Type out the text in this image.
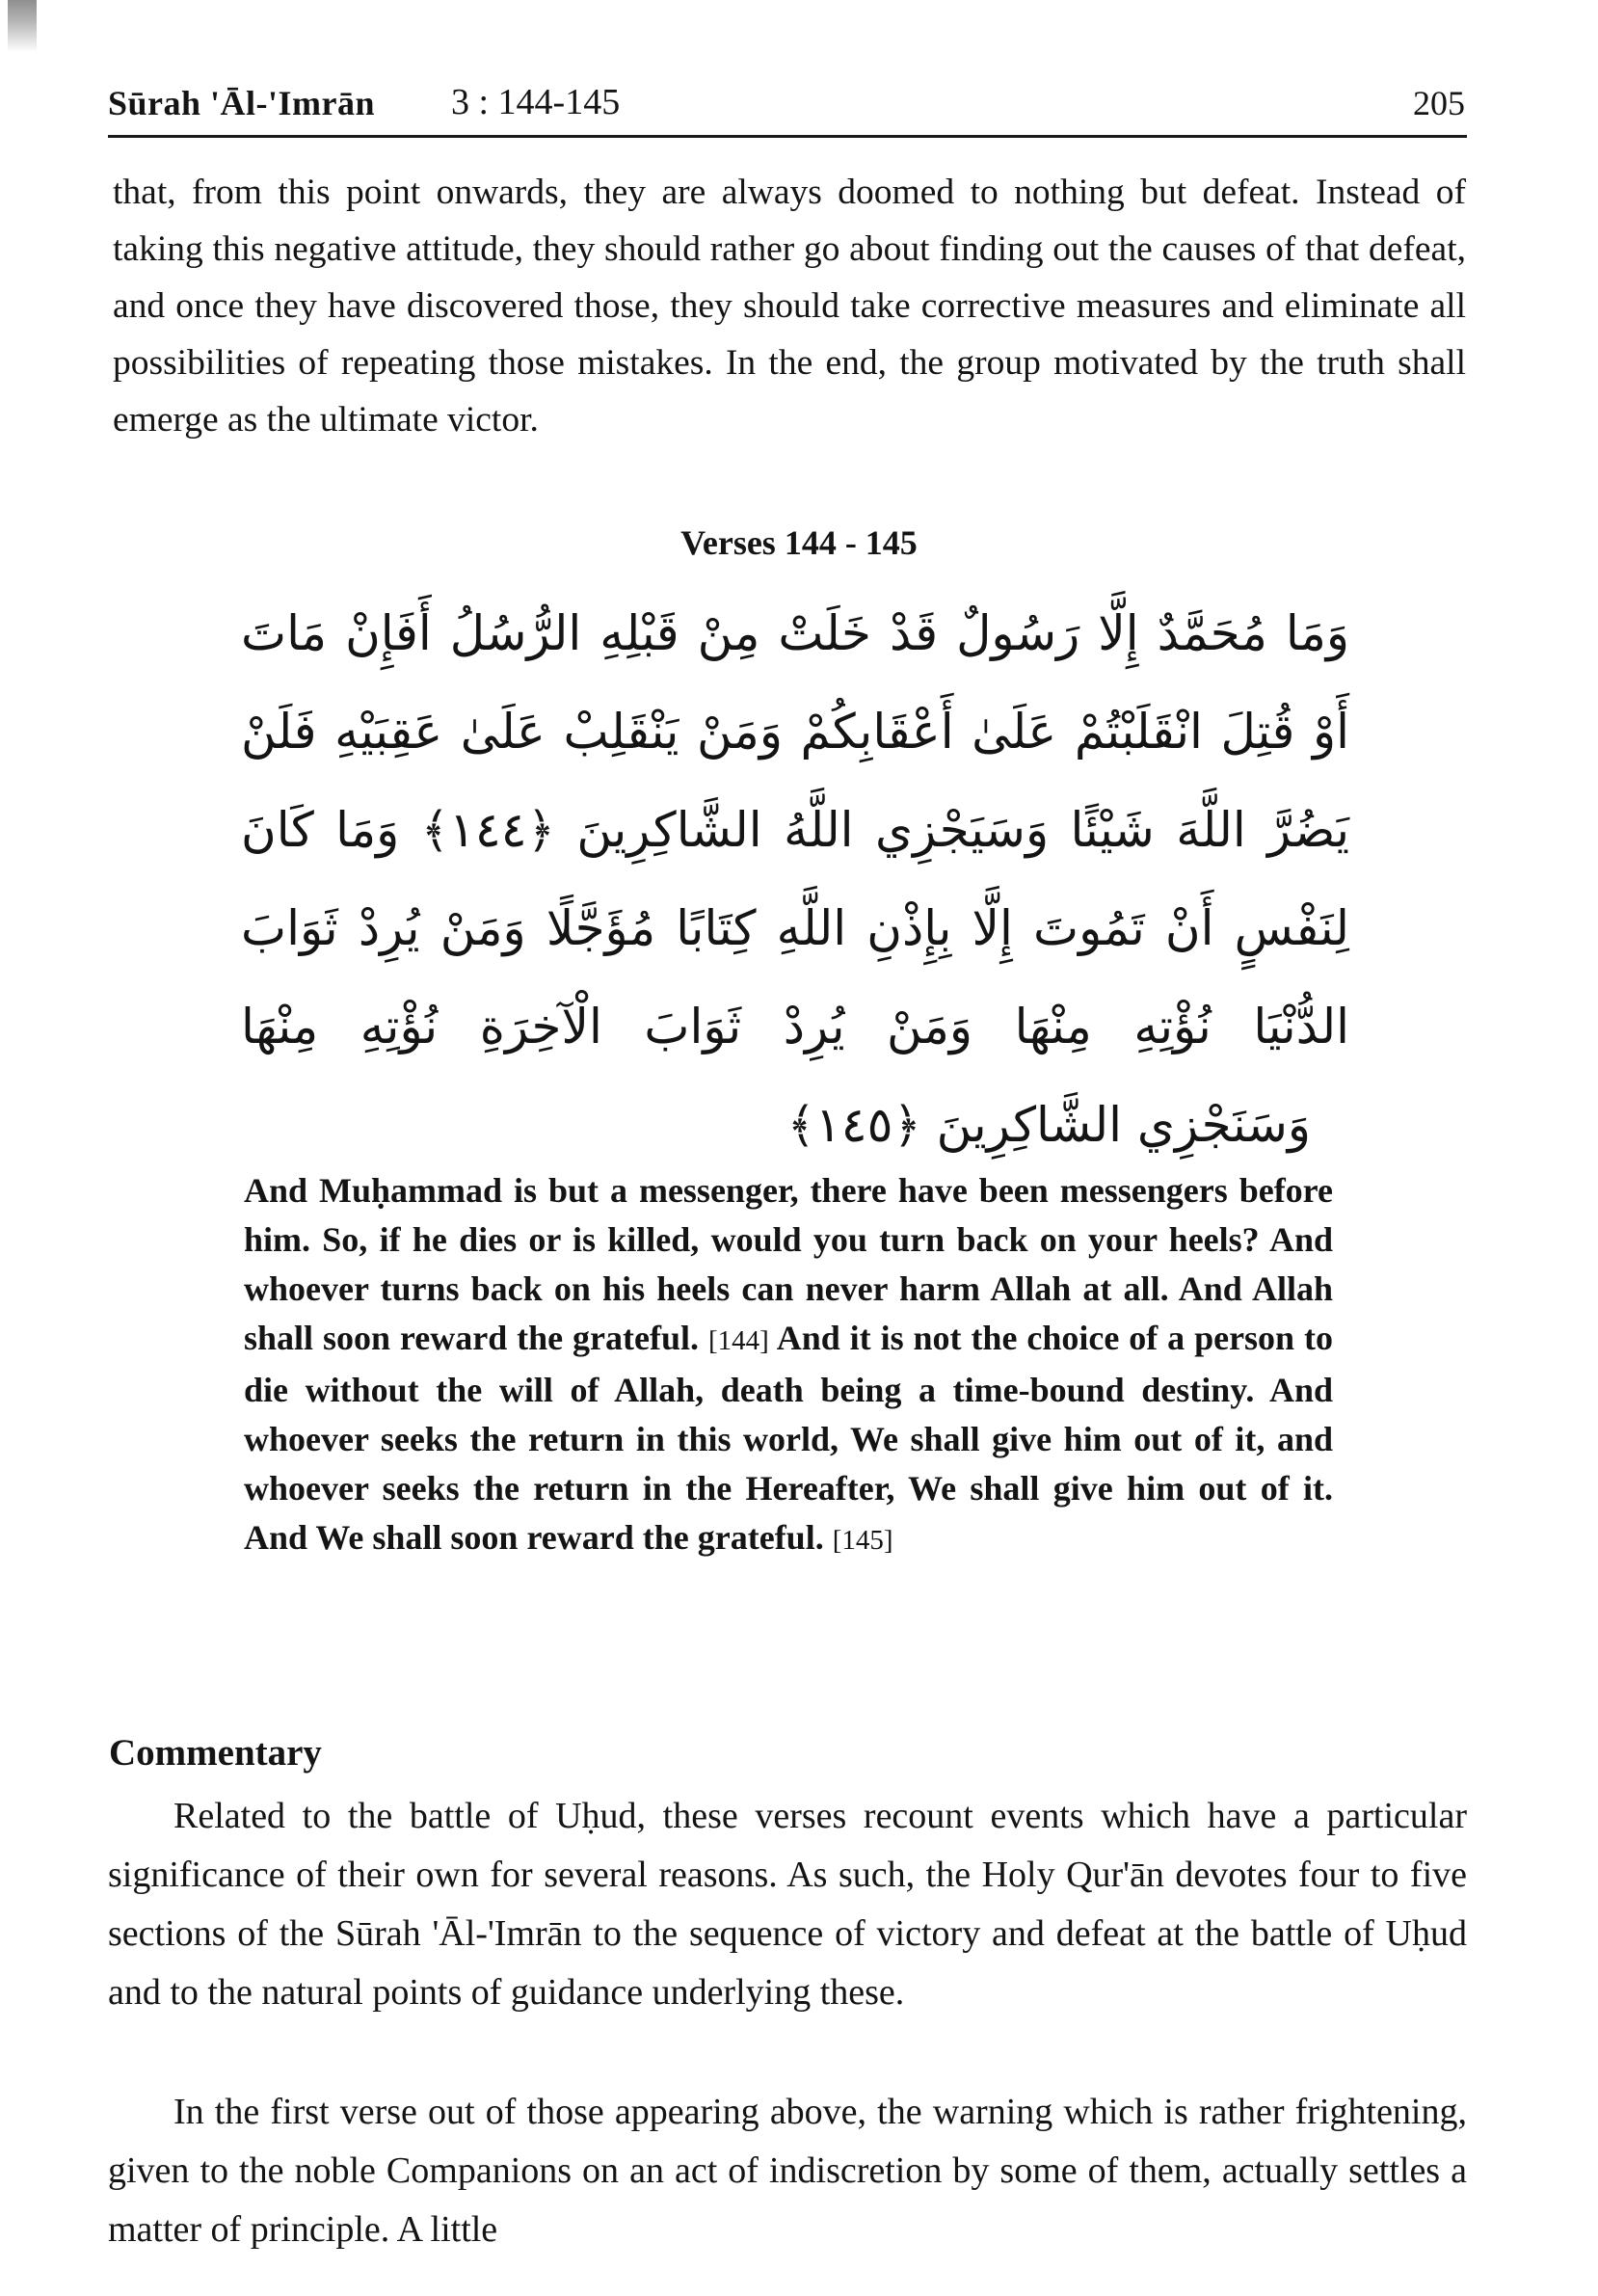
Sūrah 'Āl-'Imrān 3 : 144-145	205

that, from this point onwards, they are always doomed to nothing but defeat. Instead of taking this negative attitude, they should rather go about finding out the causes of that defeat, and once they have discovered those, they should take corrective measures and eliminate all possibilities of repeating those mistakes. In the end, the group motivated by the truth shall emerge as the ultimate victor.

Verses 144 - 145
وَمَا مُحَمَّدٌ إِلَّا رَسُولٌ قَدْ خَلَتْ مِنْ قَبْلِهِ الرُّسُلُ أَفَإِنْ مَاتَ
أَوْ قُتِلَ انْقَلَبْتُمْ عَلَىٰ أَعْقَابِكُمْ وَمَنْ يَنْقَلِبْ عَلَىٰ عَقِبَيْهِ فَلَنْ
يَضُرَّ اللَّهَ شَيْئًا وَسَيَجْزِي اللَّهُ الشَّاكِرِينَ ﴿١٤٤﴾ وَمَا كَانَ
لِنَفْسٍ أَنْ تَمُوتَ إِلَّا بِإِذْنِ اللَّهِ كِتَابًا مُؤَجَّلًا وَمَنْ يُرِدْ ثَوَابَ
الدُّنْيَا نُؤْتِهِ مِنْهَا وَمَنْ يُرِدْ ثَوَابَ الْآخِرَةِ نُؤْتِهِ مِنْهَا
وَسَنَجْزِي الشَّاكِرِينَ ﴿١٤٥﴾

And Muḥammad is but a messenger, there have been messengers before him. So, if he dies or is killed, would you turn back on your heels? And whoever turns back on his heels can never harm Allah at all. And Allah shall soon reward the grateful. [144] And it is not the choice of a person to die without the will of Allah, death being a time-bound destiny. And whoever seeks the return in this world, We shall give him out of it, and whoever seeks the return in the Hereafter, We shall give him out of it. And We shall soon reward the grateful. [145]

Commentary

Related to the battle of Uḥud, these verses recount events which have a particular significance of their own for several reasons. As such, the Holy Qur'ān devotes four to five sections of the Sūrah 'Āl-'Imrān to the sequence of victory and defeat at the battle of Uḥud and to the natural points of guidance underlying these.

In the first verse out of those appearing above, the warning which is rather frightening, given to the noble Companions on an act of indiscretion by some of them, actually settles a matter of principle. A little
